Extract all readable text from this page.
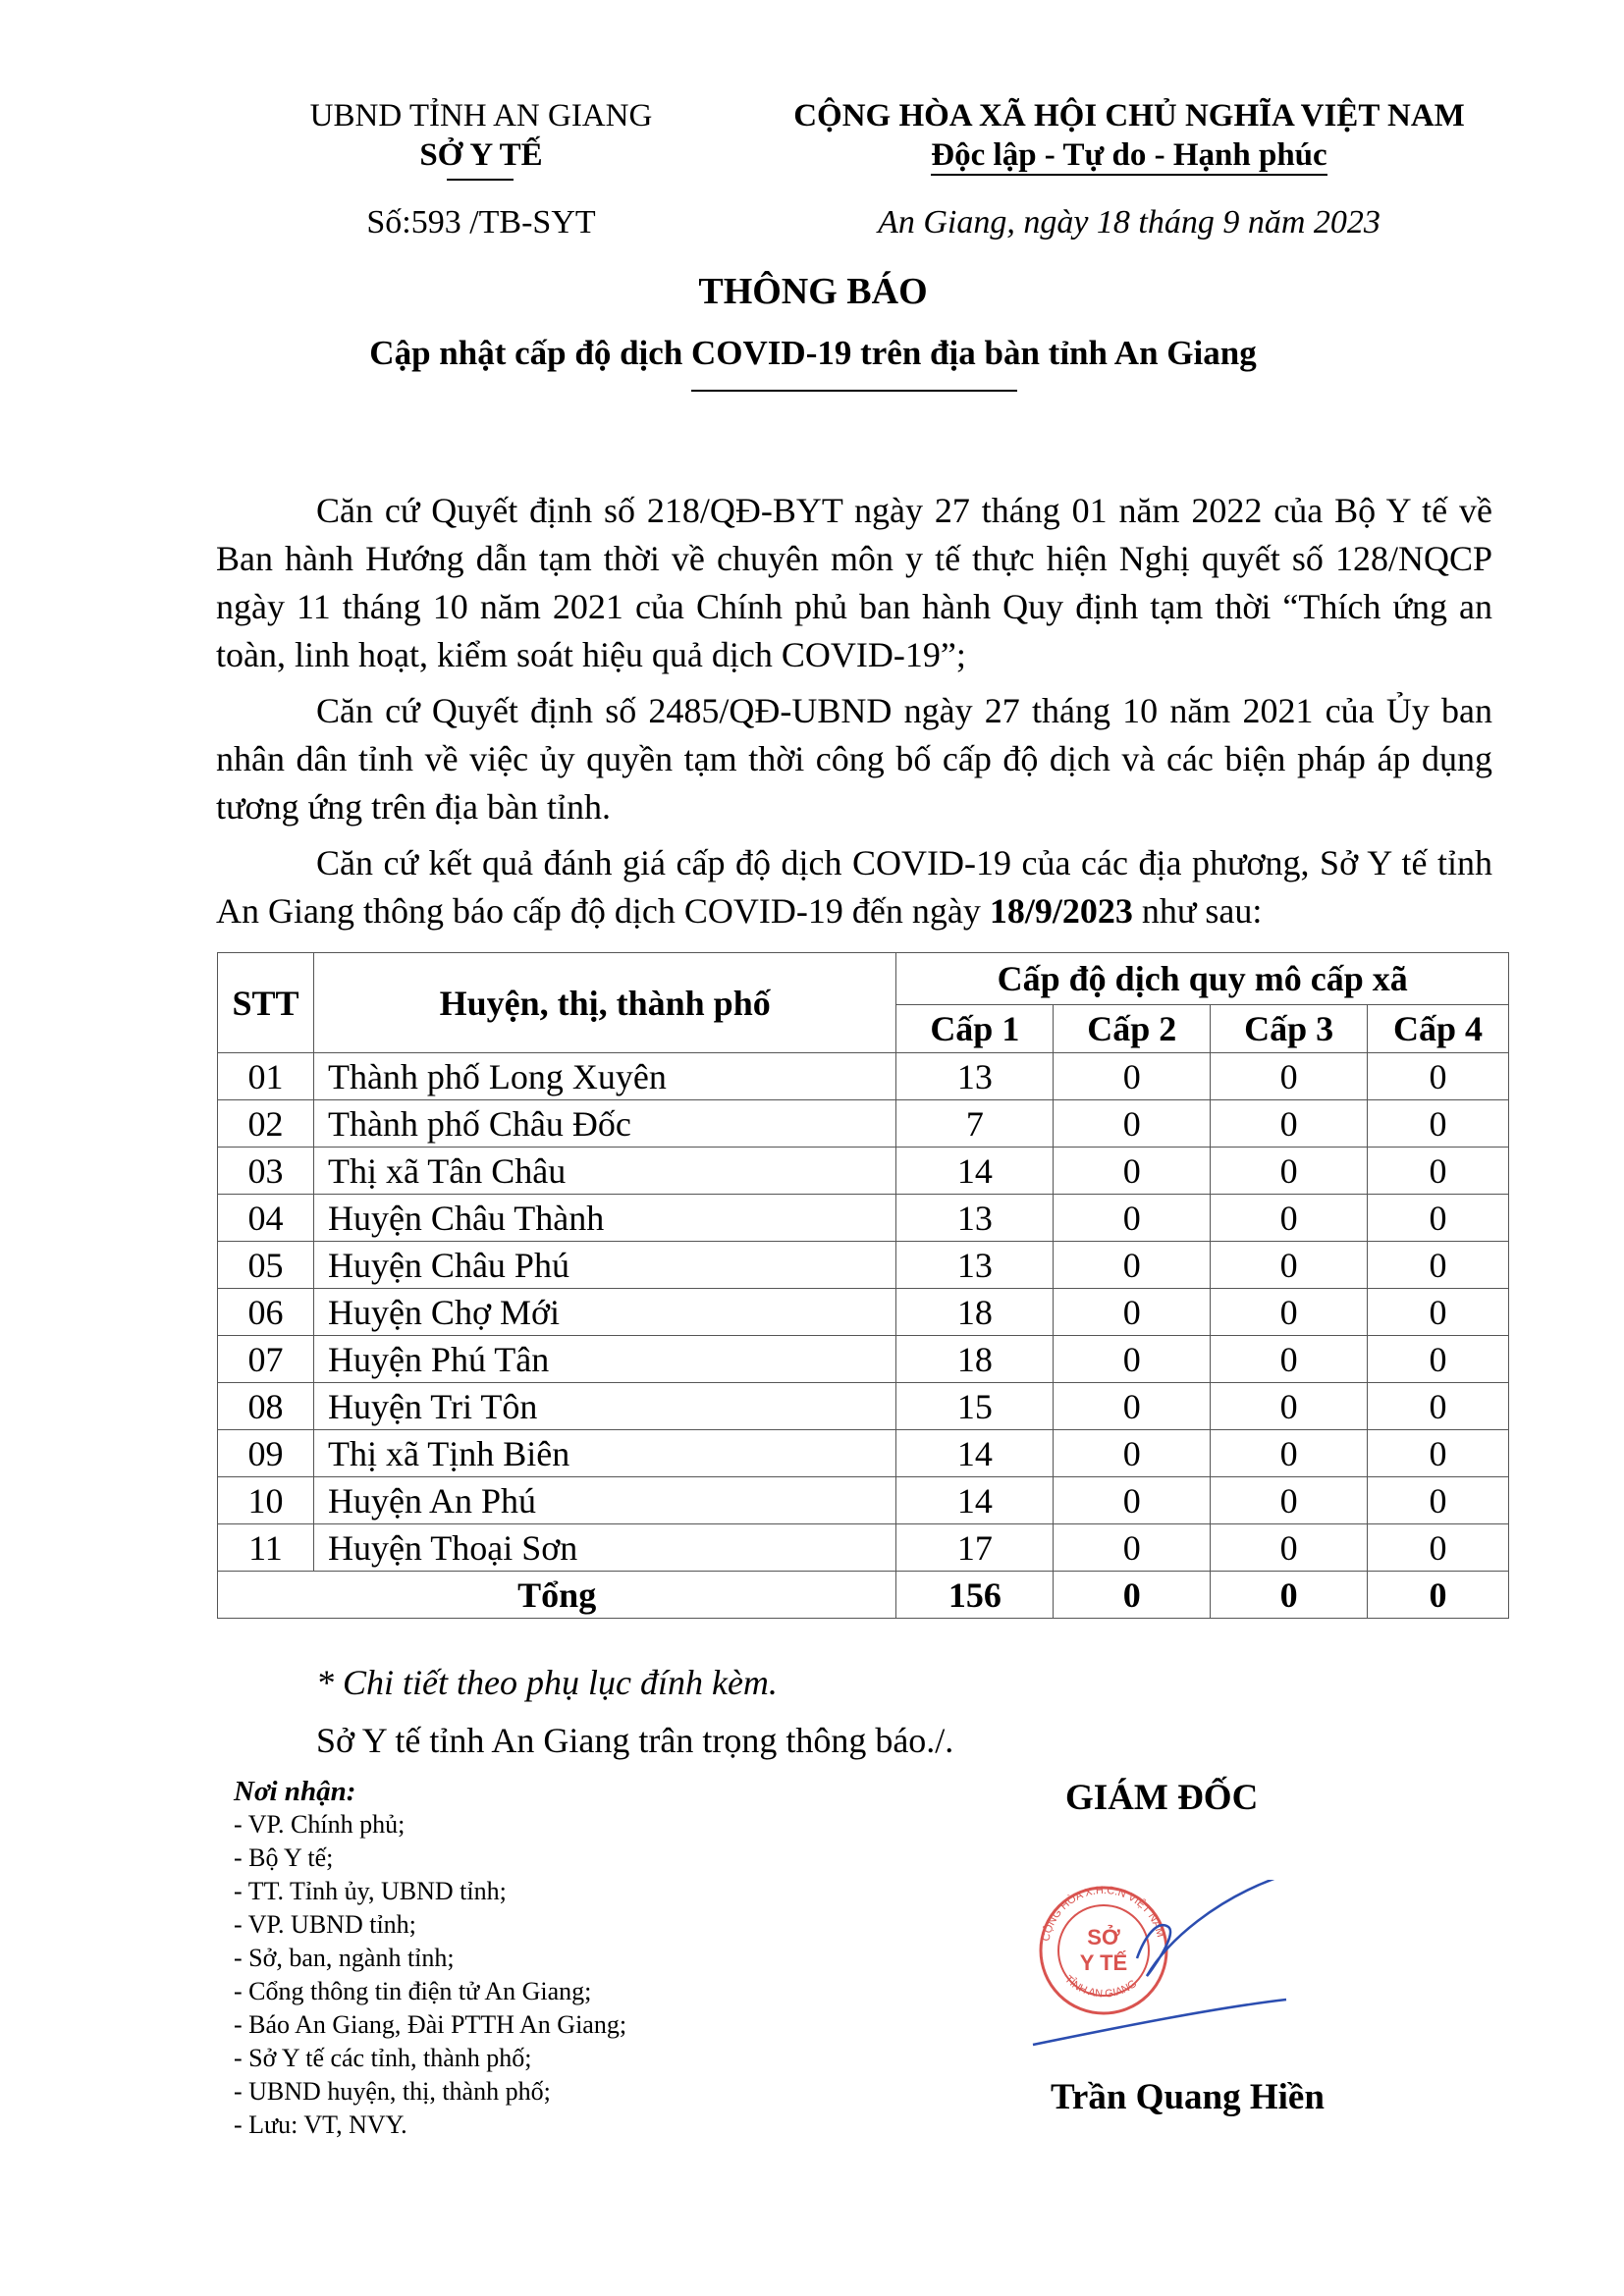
UBND TỈNH AN GIANG
SỞ Y TẾ
CỘNG HÒA XÃ HỘI CHỦ NGHĨA VIỆT NAM
Độc lập - Tự do - Hạnh phúc
Số:593 /TB-SYT	An Giang, ngày 18 tháng 9 năm 2023
THÔNG BÁO
Cập nhật cấp độ dịch COVID-19 trên địa bàn tỉnh An Giang

Căn cứ Quyết định số 218/QĐ-BYT ngày 27 tháng 01 năm 2022 của Bộ Y tế về Ban hành Hướng dẫn tạm thời về chuyên môn y tế thực hiện Nghị quyết số 128/NQCP ngày 11 tháng 10 năm 2021 của Chính phủ ban hành Quy định tạm thời “Thích ứng an toàn, linh hoạt, kiểm soát hiệu quả dịch COVID-19”;

Căn cứ Quyết định số 2485/QĐ-UBND ngày 27 tháng 10 năm 2021 của Ủy ban nhân dân tỉnh về việc ủy quyền tạm thời công bố cấp độ dịch và các biện pháp áp dụng tương ứng trên địa bàn tỉnh.

Căn cứ kết quả đánh giá cấp độ dịch COVID-19 của các địa phương, Sở Y tế tỉnh An Giang thông báo cấp độ dịch COVID-19 đến ngày 18/9/2023 như sau:

STT	Huyện, thị, thành phố	Cấp độ dịch quy mô cấp xã			
		Cấp 1	Cấp 2	Cấp 3	Cấp 4
01	Thành phố Long Xuyên	13	0	0	0
02	Thành phố Châu Đốc	7	0	0	0
03	Thị xã Tân Châu	14	0	0	0
04	Huyện Châu Thành	13	0	0	0
05	Huyện Châu Phú	13	0	0	0
06	Huyện Chợ Mới	18	0	0	0
07	Huyện Phú Tân	18	0	0	0
08	Huyện Tri Tôn	15	0	0	0
09	Thị xã Tịnh Biên	14	0	0	0
10	Huyện An Phú	14	0	0	0
11	Huyện Thoại Sơn	17	0	0	0
Tổng		156	0	0	0
* Chi tiết theo phụ lục đính kèm.
Sở Y tế tỉnh An Giang trân trọng thông báo./.
Nơi nhận:
- VP. Chính phủ;
- Bộ Y tế;
- TT. Tỉnh ủy, UBND tỉnh;
- VP. UBND tỉnh;
- Sở, ban, ngành tỉnh;
- Cổng thông tin điện tử An Giang;
- Báo An Giang, Đài PTTH An Giang;
- Sở Y tế các tỉnh, thành phố;
- UBND huyện, thị, thành phố;
- Lưu: VT, NVY.
GIÁM ĐỐC
CỘNG HÒA X.H.C.N VIỆT NAM
TỈNH AN GIANG
SỞ
Y TẾ
Trần Quang Hiền
